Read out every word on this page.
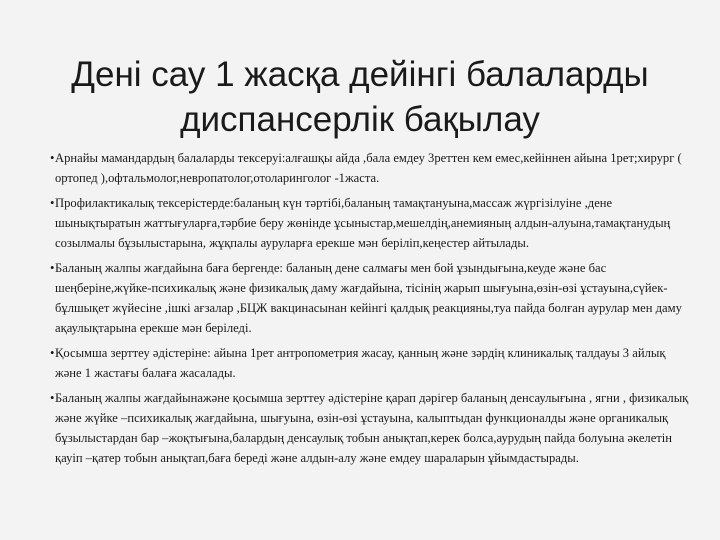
Дені сау 1 жасқа дейінгі балаларды диспансерлік бақылау
• Арнайы мамандардың балаларды тексеруі:алғашқы айда ,бала емдеу 3реттен кем емес,кейіннен айына 1рет;хирург ( ортопед ),офтальмолог,невропатолог,отоларинголог -1жаста.
• Профилактикалық тексерістерде:баланың күн тәртібі,баланың тамақтануына,массаж жүргізілуіне ,дене шынықтыратын жаттығуларға,тәрбие беру жөнінде ұсыныстар,мешелдің,анемияның алдын-алуына,тамақтанудың созылмалы бұзылыстарына, жұқпалы ауруларға ерекше мән беріліп,кеңестер айтылады.
• Баланың жалпы жағдайына баға бергенде: баланың дене салмағы мен бой ұзындығына,кеуде және бас шеңберіне,жүйке-психикалық және физикалық даму жағдайына, тісінің жарып шығуына,өзін-өзі ұстауына,сүйек-бұлшықет жүйесіне ,ішкі ағзалар ,БЦЖ вакцинасынан кейінгі қалдық реакцияны,туа пайда болған аурулар мен даму ақаулықтарына ерекше мән беріледі.
• Қосымша зерттеу әдістеріне: айына 1рет антропометрия жасау, қанның және зәрдің клиникалық талдауы 3 айлық және 1 жастағы балаға жасалады.
• Баланың жалпы жағдайынажәне қосымша зерттеу әдістеріне қарап дәрігер баланың денсаулығына , ягни , физикалық және жүйке –психикалық жағдайына, шығуына, өзін-өзі ұстауына, калыптыдан функционалды және органикалық бұзылыстардан бар –жоқтығына,балардың денсаулық тобын анықтап,керек болса,аурудың пайда болуына әкелетін қауіп –қатер тобын анықтап,баға береді және алдын-алу және емдеу шараларын ұйымдастырады.
